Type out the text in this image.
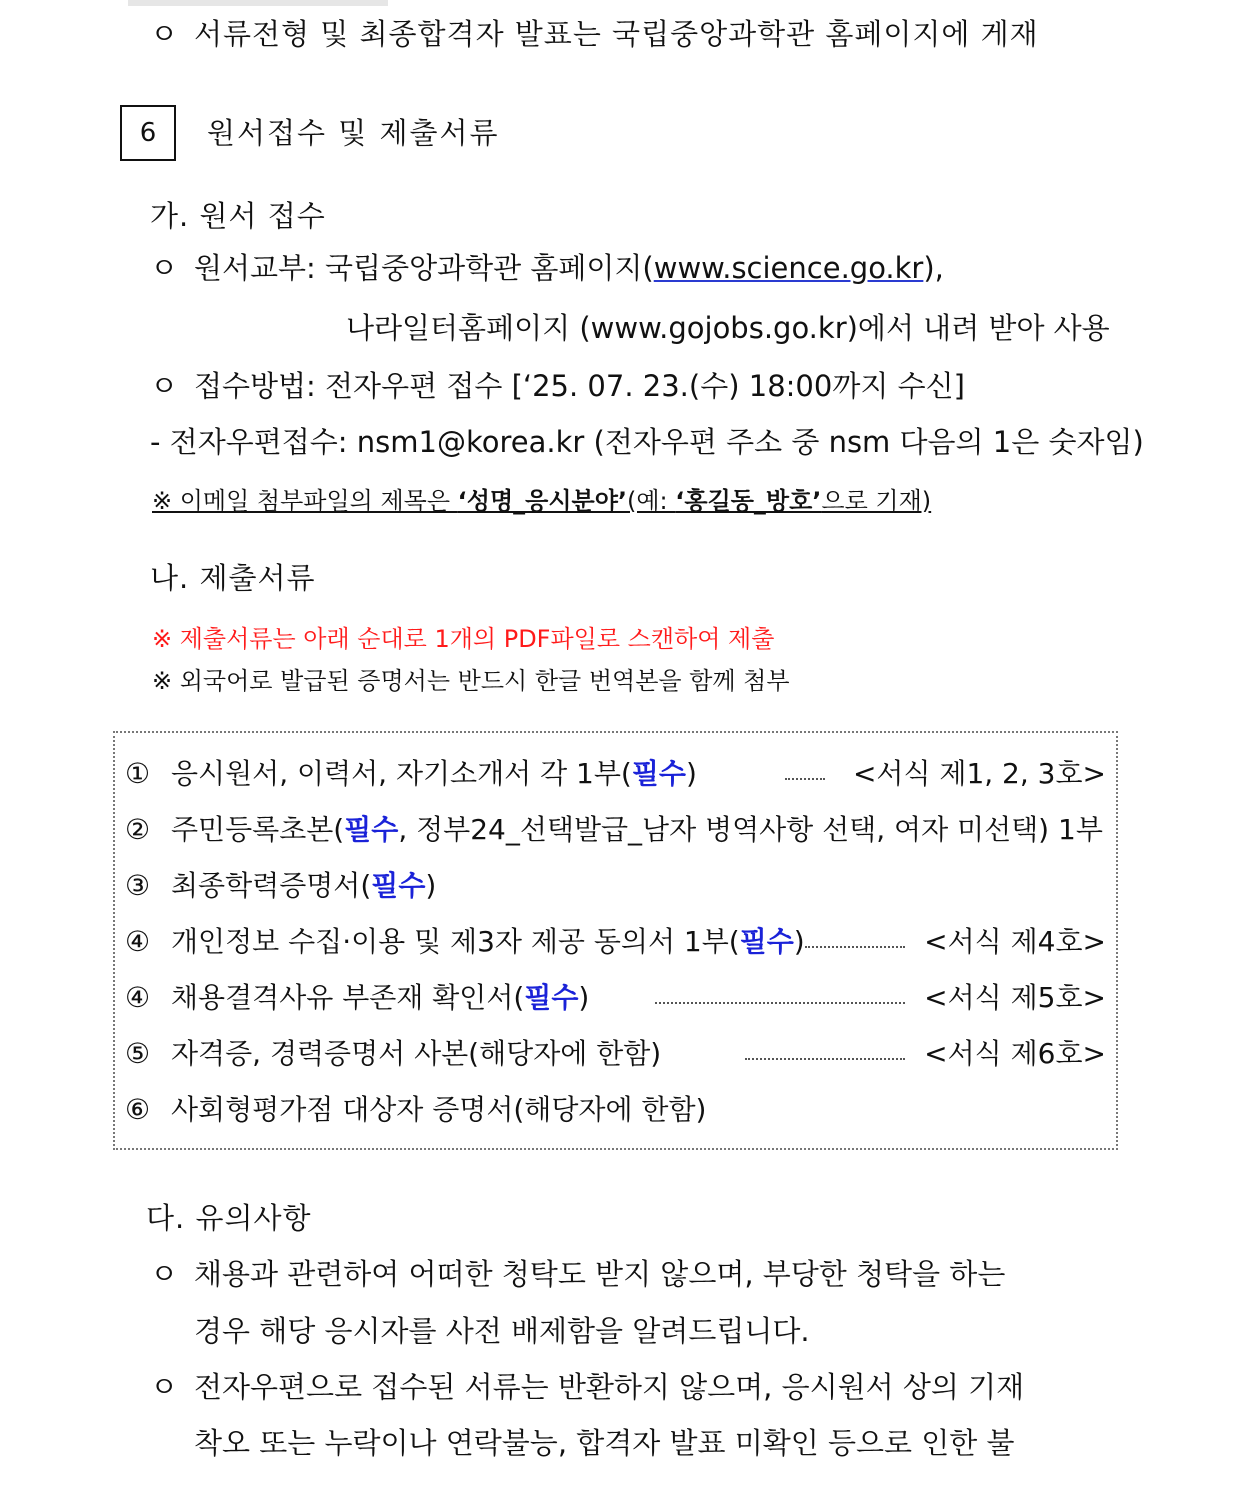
ㅇ 서류전형 및 최종합격자 발표는 국립중앙과학관 홈페이지에 게재
6 원서접수 및 제출서류
가. 원서 접수
ㅇ 원서교부: 국립중앙과학관 홈페이지(www.science.go.kr),
나라일터홈페이지 (www.gojobs.go.kr)에서 내려 받아 사용
ㅇ 접수방법: 전자우편 접수 [‘25. 07. 23.(수) 18:00까지 수신]
- 전자우편접수: nsm1@korea.kr (전자우편 주소 중 nsm 다음의 1은 숫자임)
※ 이메일 첨부파일의 제목은 ‘성명_응시분야’(예: ‘홍길동_방호’으로 기재)
나. 제출서류
※ 제출서류는 아래 순대로 1개의 PDF파일로 스캔하여 제출
※ 외국어로 발급된 증명서는 반드시 한글 번역본을 함께 첨부
① 응시원서, 이력서, 자기소개서 각 1부(필수)	<서식 제1, 2, 3호>
② 주민등록초본(필수, 정부24_선택발급_남자 병역사항 선택, 여자 미선택) 1부
③ 최종학력증명서(필수)
④ 개인정보 수집·이용 및 제3자 제공 동의서 1부(필수)	<서식 제4호>
④ 채용결격사유 부존재 확인서(필수)	<서식 제5호>
⑤ 자격증, 경력증명서 사본(해당자에 한함)	<서식 제6호>
⑥ 사회형평가점 대상자 증명서(해당자에 한함)
다. 유의사항
ㅇ 채용과 관련하여 어떠한 청탁도 받지 않으며, 부당한 청탁을 하는
경우 해당 응시자를 사전 배제함을 알려드립니다.
ㅇ 전자우편으로 접수된 서류는 반환하지 않으며, 응시원서 상의 기재
착오 또는 누락이나 연락불능, 합격자 발표 미확인 등으로 인한 불
